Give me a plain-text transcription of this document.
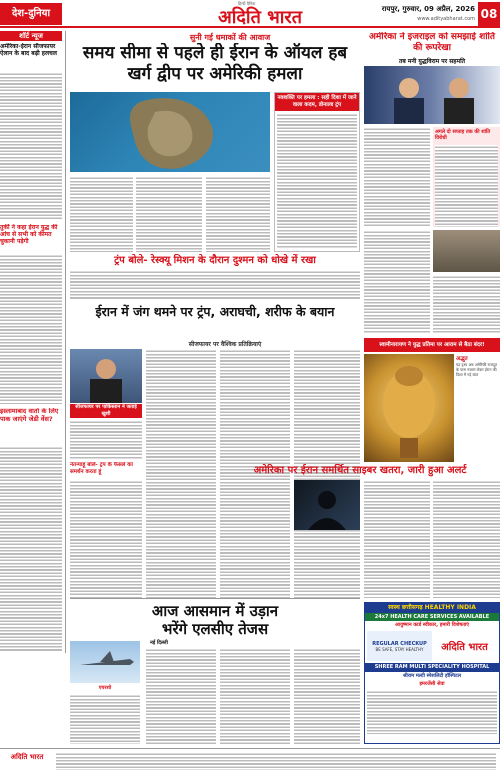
देश-दुनिया
हिन्दी दैनिक
अदिति भारत	रायपुर, गुरुवार, 09 अप्रैल, 2026
www.adityabharat.com 08
शॉर्ट न्यूज
अमेरिका-ईरान सीजफायर ऐलान के बाद बढ़ी हलचल
तुर्की ने कहा ईरान युद्ध की आंच से सभी को कीमत चुकानी पड़ेगी
इस्लामाबाद वार्ता के लिए पाक जाएंगे जेडी वेंस?
सुनी गई धमाकों की आवाज
समय सीमा से पहले ही ईरान के ऑयल हब खर्ग द्वीप पर अमेरिकी हमला
नवशक्ति पर हमला : सही दिशा में जाने वाला कदम, डोनाल्ड ट्रंप
ट्रंप बोले- रेस्क्यू मिशन के दौरान दुश्मन को धोखे में रखा
अमेरिका ने इजराइल को समझाई शांति की रूपरेखा
तब मनी युद्धविराम पर सहमति
अगले दो सप्ताह तक की शांति विरोधी
ईरान में जंग थमने पर ट्रंप, अराघची, शरीफ के बयान
सीजफायर पर वैश्विक प्रतिक्रियाएं
सीजफायर पर पाकिस्तान ने जताई खुशी
नेतन्याहू बोले- ट्रंप के फैसले का समर्थन करता हूं
स्वामीनारायण ने युद्ध प्रतिमा पर आराम से बैठा बंदर!
अद्भुत
यह दृश्य अब अमेरिकी राजदूत के पास नजारा लेकर ईरान की दिशा में गई बंदर
अमेरिका पर ईरान समर्थित साइबर खतरा, जारी हुआ अलर्ट
आज आसमान में उड़ान
भरेंगे एलसीए तेजस
नई दिल्ली
एयरशो
स्वस्थ छत्तीसगढ़ HEALTHY INDIA
24x7 HEALTH CARE SERVICES AVAILABLE
आयुष्मान कार्ड स्वीकार, हमारी विशेषताएं
REGULAR CHECKUP
BE SAFE, STAY HEALTHY	अदिति भारत
SHREE RAM MULTI SPECIALITY HOSPITAL
श्रीराम मल्टी स्पेशलिटी हॉस्पिटल
इमरजेंसी सेवा
अदिति भारत
